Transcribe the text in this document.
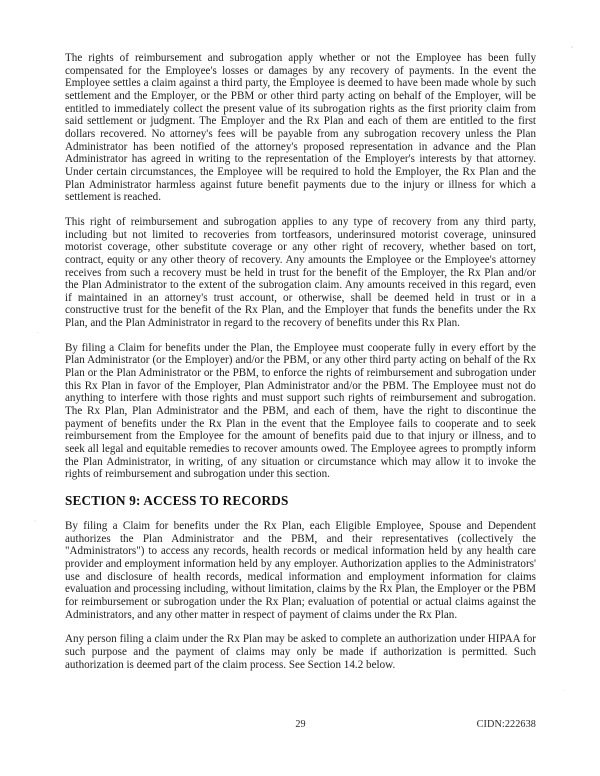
The rights of reimbursement and subrogation apply whether or not the Employee has been fully compensated for the Employee's losses or damages by any recovery of payments. In the event the Employee settles a claim against a third party, the Employee is deemed to have been made whole by such settlement and the Employer, or the PBM or other third party acting on behalf of the Employer, will be entitled to immediately collect the present value of its subrogation rights as the first priority claim from said settlement or judgment. The Employer and the Rx Plan and each of them are entitled to the first dollars recovered. No attorney's fees will be payable from any subrogation recovery unless the Plan Administrator has been notified of the attorney's proposed representation in advance and the Plan Administrator has agreed in writing to the representation of the Employer's interests by that attorney. Under certain circumstances, the Employee will be required to hold the Employer, the Rx Plan and the Plan Administrator harmless against future benefit payments due to the injury or illness for which a settlement is reached.

This right of reimbursement and subrogation applies to any type of recovery from any third party, including but not limited to recoveries from tortfeasors, underinsured motorist coverage, uninsured motorist coverage, other substitute coverage or any other right of recovery, whether based on tort, contract, equity or any other theory of recovery. Any amounts the Employee or the Employee's attorney receives from such a recovery must be held in trust for the benefit of the Employer, the Rx Plan and/or the Plan Administrator to the extent of the subrogation claim. Any amounts received in this regard, even if maintained in an attorney's trust account, or otherwise, shall be deemed held in trust or in a constructive trust for the benefit of the Rx Plan, and the Employer that funds the benefits under the Rx Plan, and the Plan Administrator in regard to the recovery of benefits under this Rx Plan.

By filing a Claim for benefits under the Plan, the Employee must cooperate fully in every effort by the Plan Administrator (or the Employer) and/or the PBM, or any other third party acting on behalf of the Rx Plan or the Plan Administrator or the PBM, to enforce the rights of reimbursement and subrogation under this Rx Plan in favor of the Employer, Plan Administrator and/or the PBM. The Employee must not do anything to interfere with those rights and must support such rights of reimbursement and subrogation. The Rx Plan, Plan Administrator and the PBM, and each of them, have the right to discontinue the payment of benefits under the Rx Plan in the event that the Employee fails to cooperate and to seek reimbursement from the Employee for the amount of benefits paid due to that injury or illness, and to seek all legal and equitable remedies to recover amounts owed. The Employee agrees to promptly inform the Plan Administrator, in writing, of any situation or circumstance which may allow it to invoke the rights of reimbursement and subrogation under this section.

SECTION 9: ACCESS TO RECORDS

By filing a Claim for benefits under the Rx Plan, each Eligible Employee, Spouse and Dependent authorizes the Plan Administrator and the PBM, and their representatives (collectively the "Administrators") to access any records, health records or medical information held by any health care provider and employment information held by any employer. Authorization applies to the Administrators' use and disclosure of health records, medical information and employment information for claims evaluation and processing including, without limitation, claims by the Rx Plan, the Employer or the PBM for reimbursement or subrogation under the Rx Plan; evaluation of potential or actual claims against the Administrators, and any other matter in respect of payment of claims under the Rx Plan.

Any person filing a claim under the Rx Plan may be asked to complete an authorization under HIPAA for such purpose and the payment of claims may only be made if authorization is permitted. Such authorization is deemed part of the claim process. See Section 14.2 below.

29	CIDN:222638
